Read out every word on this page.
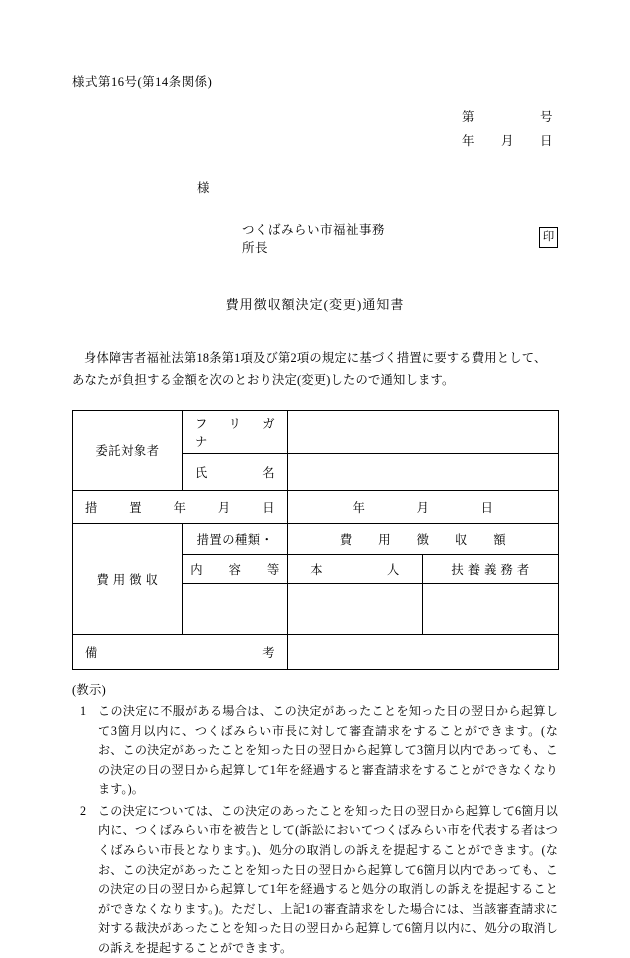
様式第16号(第14条関係)
第　　　　　号
年　　月　　日
様
つくばみらい市福祉事務所長
印
費用徴収額決定(変更)通知書
身体障害者福祉法第18条第1項及び第2項の規定に基づく措置に要する費用として、あなたが負担する金額を次のとおり決定(変更)したので通知します。
委託対象者	フ　リ　ガ　ナ		

	氏　　　　名		

措　　置　　年　　月　　日		年　　　　月　　　　日	
費 用 徴 収	措置の種類・	費　　用　　徴　　収　　額	
	内　　容　　等	本　　　　　人	扶 養 義 務 者

備　　　　　　　　　考			

(教示)
1 この決定に不服がある場合は、この決定があったことを知った日の翌日から起算して3箇月以内に、つくばみらい市長に対して審査請求をすることができます。(なお、この決定があったことを知った日の翌日から起算して3箇月以内であっても、この決定の日の翌日から起算して1年を経過すると審査請求をすることができなくなります。)。
2 この決定については、この決定のあったことを知った日の翌日から起算して6箇月以内に、つくばみらい市を被告として(訴訟においてつくばみらい市を代表する者はつくばみらい市長となります。)、処分の取消しの訴えを提起することができます。(なお、この決定があったことを知った日の翌日から起算して6箇月以内であっても、この決定の日の翌日から起算して1年を経過すると処分の取消しの訴えを提起することができなくなります。)。ただし、上記1の審査請求をした場合には、当該審査請求に対する裁決があったことを知った日の翌日から起算して6箇月以内に、処分の取消しの訴えを提起することができます。
